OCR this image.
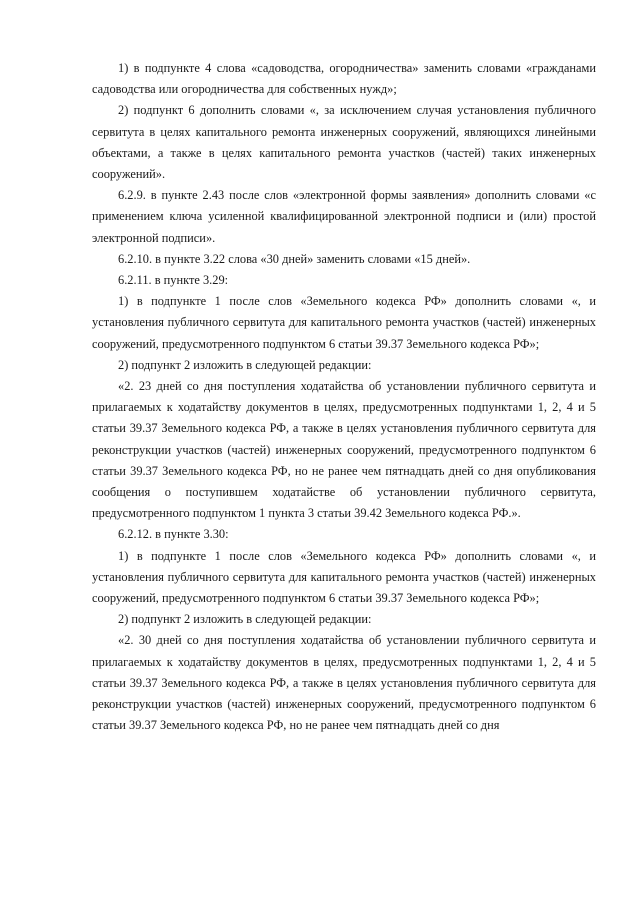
1) в подпункте 4 слова «садоводства, огородничества» заменить словами «гражданами садоводства или огородничества для собственных нужд»;

2) подпункт 6 дополнить словами «, за исключением случая установления публичного сервитута в целях капитального ремонта инженерных сооружений, являющихся линейными объектами, а также в целях капитального ремонта участков (частей) таких инженерных сооружений».

6.2.9. в пункте 2.43 после слов «электронной формы заявления» дополнить словами «с применением ключа усиленной квалифицированной электронной подписи и (или) простой электронной подписи».

6.2.10. в пункте 3.22 слова «30 дней» заменить словами «15 дней».

6.2.11. в пункте 3.29:

1) в подпункте 1 после слов «Земельного кодекса РФ» дополнить словами «, и установления публичного сервитута для капитального ремонта участков (частей) инженерных сооружений, предусмотренного подпунктом 6 статьи 39.37 Земельного кодекса РФ»;

2) подпункт 2 изложить в следующей редакции:

«2. 23 дней со дня поступления ходатайства об установлении публичного сервитута и прилагаемых к ходатайству документов в целях, предусмотренных подпунктами 1, 2, 4 и 5 статьи 39.37 Земельного кодекса РФ, а также в целях установления публичного сервитута для реконструкции участков (частей) инженерных сооружений, предусмотренного подпунктом 6 статьи 39.37 Земельного кодекса РФ, но не ранее чем пятнадцать дней со дня опубликования сообщения о поступившем ходатайстве об установлении публичного сервитута, предусмотренного подпунктом 1 пункта 3 статьи 39.42 Земельного кодекса РФ.».

6.2.12. в пункте 3.30:

1) в подпункте 1 после слов «Земельного кодекса РФ» дополнить словами «, и установления публичного сервитута для капитального ремонта участков (частей) инженерных сооружений, предусмотренного подпунктом 6 статьи 39.37 Земельного кодекса РФ»;

2) подпункт 2 изложить в следующей редакции:

«2. 30 дней со дня поступления ходатайства об установлении публичного сервитута и прилагаемых к ходатайству документов в целях, предусмотренных подпунктами 1, 2, 4 и 5 статьи 39.37 Земельного кодекса РФ, а также в целях установления публичного сервитута для реконструкции участков (частей) инженерных сооружений, предусмотренного подпунктом 6 статьи 39.37 Земельного кодекса РФ, но не ранее чем пятнадцать дней со дня
